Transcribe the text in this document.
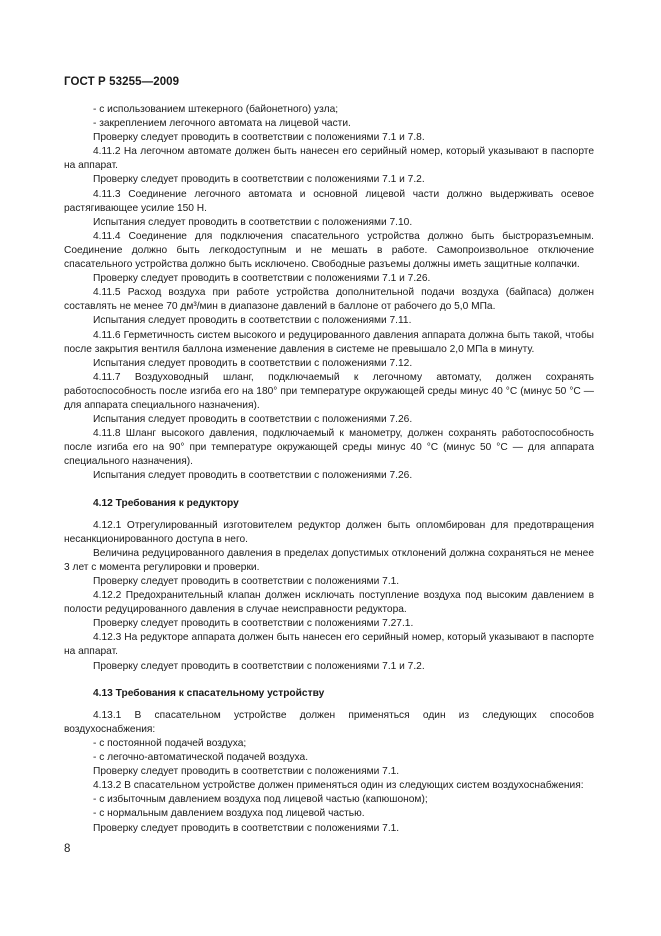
ГОСТ Р 53255—2009

- с использованием штекерного (байонетного) узла;

- закреплением легочного автомата на лицевой части.

Проверку следует проводить в соответствии с положениями 7.1 и 7.8.

4.11.2 На легочном автомате должен быть нанесен его серийный номер, который указывают в паспорте на аппарат.

Проверку следует проводить в соответствии с положениями 7.1 и 7.2.

4.11.3 Соединение легочного автомата и основной лицевой части должно выдерживать осевое растягивающее усилие 150 Н.

Испытания следует проводить в соответствии с положениями 7.10.

4.11.4 Соединение для подключения спасательного устройства должно быть быстроразъемным. Соединение должно быть легкодоступным и не мешать в работе. Самопроизвольное отключение спасательного устройства должно быть исключено. Свободные разъемы должны иметь защитные колпачки.

Проверку следует проводить в соответствии с положениями 7.1 и 7.26.

4.11.5 Расход воздуха при работе устройства дополнительной подачи воздуха (байпаса) должен составлять не менее 70 дм³/мин в диапазоне давлений в баллоне от рабочего до 5,0 МПа.

Испытания следует проводить в соответствии с положениями 7.11.

4.11.6 Герметичность систем высокого и редуцированного давления аппарата должна быть такой, чтобы после закрытия вентиля баллона изменение давления в системе не превышало 2,0 МПа в минуту.

Испытания следует проводить в соответствии с положениями 7.12.

4.11.7 Воздуховодный шланг, подключаемый к легочному автомату, должен сохранять работоспособность после изгиба его на 180° при температуре окружающей среды минус 40 °С (минус 50 °С — для аппарата специального назначения).

Испытания следует проводить в соответствии с положениями 7.26.

4.11.8 Шланг высокого давления, подключаемый к манометру, должен сохранять работоспособность после изгиба его на 90° при температуре окружающей среды минус 40 °С (минус 50 °С — для аппарата специального назначения).

Испытания следует проводить в соответствии с положениями 7.26.

4.12 Требования к редуктору

4.12.1 Отрегулированный изготовителем редуктор должен быть опломбирован для предотвращения несанкционированного доступа в него.

Величина редуцированного давления в пределах допустимых отклонений должна сохраняться не менее 3 лет с момента регулировки и проверки.

Проверку следует проводить в соответствии с положениями 7.1.

4.12.2 Предохранительный клапан должен исключать поступление воздуха под высоким давлением в полости редуцированного давления в случае неисправности редуктора.

Проверку следует проводить в соответствии с положениями 7.27.1.

4.12.3 На редукторе аппарата должен быть нанесен его серийный номер, который указывают в паспорте на аппарат.

Проверку следует проводить в соответствии с положениями 7.1 и 7.2.

4.13 Требования к спасательному устройству

4.13.1 В спасательном устройстве должен применяться один из следующих способов воздухоснабжения:

- с постоянной подачей воздуха;

- с легочно-автоматической подачей воздуха.

Проверку следует проводить в соответствии с положениями 7.1.

4.13.2 В спасательном устройстве должен применяться один из следующих систем воздухоснабжения:

- с избыточным давлением воздуха под лицевой частью (капюшоном);

- с нормальным давлением воздуха под лицевой частью.

Проверку следует проводить в соответствии с положениями 7.1.

8
